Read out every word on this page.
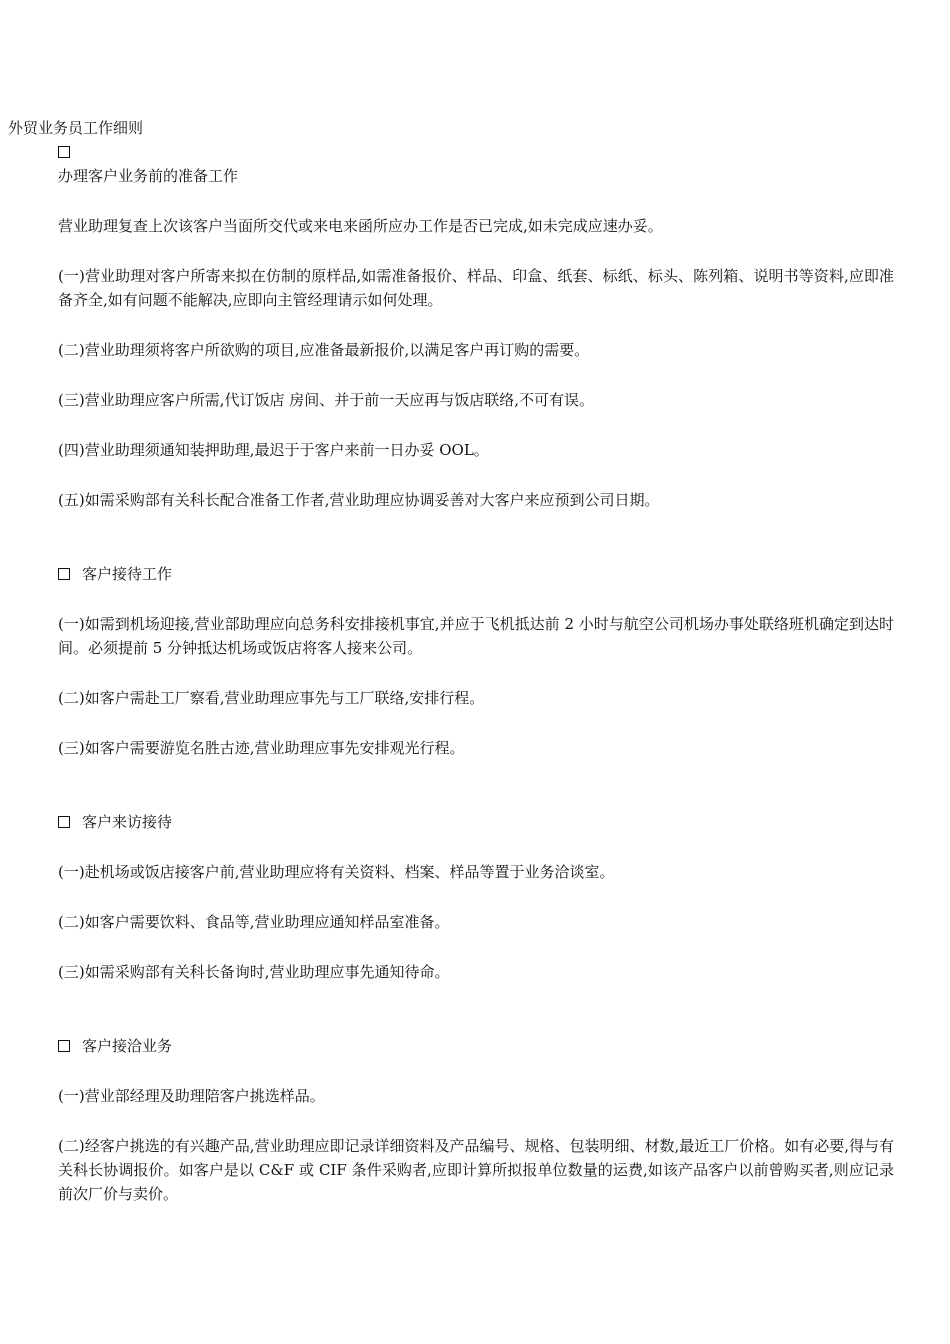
外贸业务员工作细则
办理客户业务前的准备工作

营业助理复查上次该客户当面所交代或来电来函所应办工作是否已完成,如未完成应速办妥。

(一)营业助理对客户所寄来拟在仿制的原样品,如需准备报价、样品、印盒、纸套、标纸、标头、陈列箱、说明书等资料,应即准备齐全,如有问题不能解决,应即向主管经理请示如何处理。

(二)营业助理须将客户所欲购的项目,应准备最新报价,以满足客户再订购的需要。

(三)营业助理应客户所需,代订饭店 房间、并于前一天应再与饭店联络,不可有误。

(四)营业助理须通知装押助理,最迟于于客户来前一日办妥 OOL。

(五)如需采购部有关科长配合准备工作者,营业助理应协调妥善对大客户来应预到公司日期。

客户接待工作

(一)如需到机场迎接,营业部助理应向总务科安排接机事宜,并应于飞机抵达前 2 小时与航空公司机场办事处联络班机确定到达时间。必须提前 5 分钟抵达机场或饭店将客人接来公司。

(二)如客户需赴工厂察看,营业助理应事先与工厂联络,安排行程。

(三)如客户需要游览名胜古迹,营业助理应事先安排观光行程。

客户来访接待

(一)赴机场或饭店接客户前,营业助理应将有关资料、档案、样品等置于业务洽谈室。

(二)如客户需要饮料、食品等,营业助理应通知样品室准备。

(三)如需采购部有关科长备询时,营业助理应事先通知待命。

客户接洽业务

(一)营业部经理及助理陪客户挑选样品。

(二)经客户挑选的有兴趣产品,营业助理应即记录详细资料及产品编号、规格、包装明细、材数,最近工厂价格。如有必要,得与有关科长协调报价。如客户是以 C&F 或 CIF 条件采购者,应即计算所拟报单位数量的运费,如该产品客户以前曾购买者,则应记录前次厂价与卖价。
